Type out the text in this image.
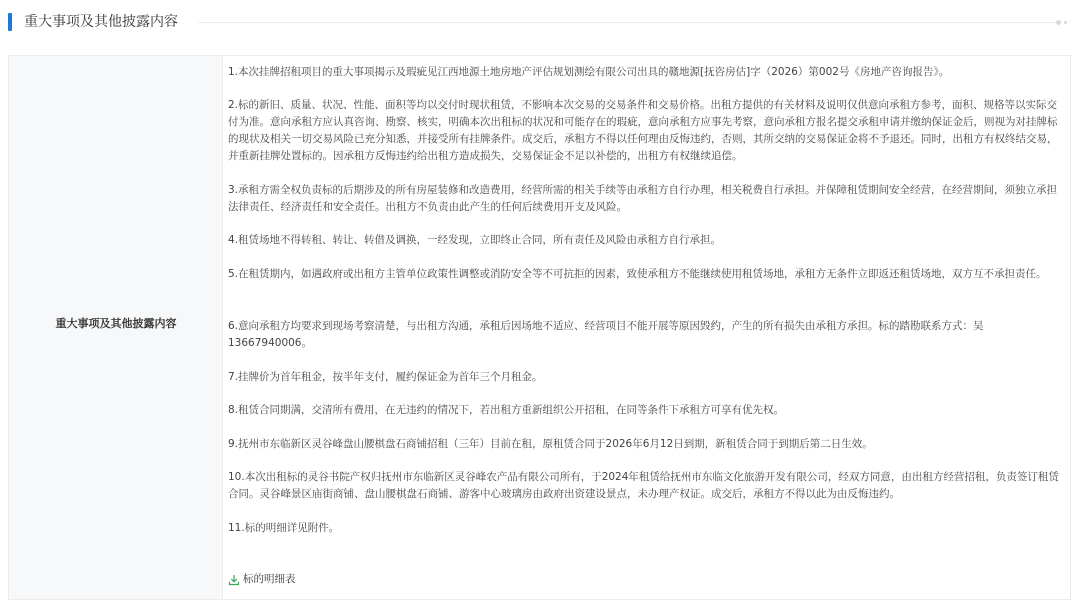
重大事项及其他披露内容
重大事项及其他披露内容

1.本次挂牌招租项目的重大事项揭示及瑕疵见江西地源土地房地产评估规划测绘有限公司出具的赣地源[抚咨房估]字（2026）第002号《房地产咨询报告》。

2.标的新旧、质量、状况、性能、面积等均以交付时现状租赁，不影响本次交易的交易条件和交易价格。出租方提供的有关材料及说明仅供意向承租方参考，面积、规格等以实际交付为准。意向承租方应认真咨询、勘察、核实，明确本次出租标的状况和可能存在的瑕疵，意向承租方应事先考察，意向承租方报名提交承租申请并缴纳保证金后，则视为对挂牌标的现状及相关一切交易风险已充分知悉，并接受所有挂牌条件。成交后，承租方不得以任何理由反悔违约，否则，其所交纳的交易保证金将不予退还。同时，出租方有权终结交易，并重新挂牌处置标的。因承租方反悔违约给出租方造成损失，交易保证金不足以补偿的，出租方有权继续追偿。

3.承租方需全权负责标的后期涉及的所有房屋装修和改造费用，经营所需的相关手续等由承租方自行办理，相关税费自行承担。并保障租赁期间安全经营，在经营期间，须独立承担法律责任、经济责任和安全责任。出租方不负责由此产生的任何后续费用开支及风险。

4.租赁场地不得转租、转让、转借及调换，一经发现，立即终止合同，所有责任及风险由承租方自行承担。

5.在租赁期内，如遇政府或出租方主管单位政策性调整或消防安全等不可抗拒的因素，致使承租方不能继续使用租赁场地，承租方无条件立即返还租赁场地，双方互不承担责任。

6.意向承租方均要求到现场考察清楚，与出租方沟通，承租后因场地不适应、经营项目不能开展等原因毁约，产生的所有损失由承租方承担。标的踏勘联系方式：吴13667940006。

7.挂牌价为首年租金，按半年支付，履约保证金为首年三个月租金。

8.租赁合同期满，交清所有费用，在无违约的情况下，若出租方重新组织公开招租，在同等条件下承租方可享有优先权。

9.抚州市东临新区灵谷峰盘山腰棋盘石商铺招租（三年）目前在租，原租赁合同于2026年6月12日到期，新租赁合同于到期后第二日生效。

10.本次出租标的灵谷书院产权归抚州市东临新区灵谷峰农产品有限公司所有，于2024年租赁给抚州市东临文化旅游开发有限公司，经双方同意，由出租方经营招租，负责签订租赁合同。灵谷峰景区庙街商铺、盘山腰棋盘石商铺、游客中心玻璃房由政府出资建设景点，未办理产权证。成交后，承租方不得以此为由反悔违约。

11.标的明细详见附件。

标的明细表
